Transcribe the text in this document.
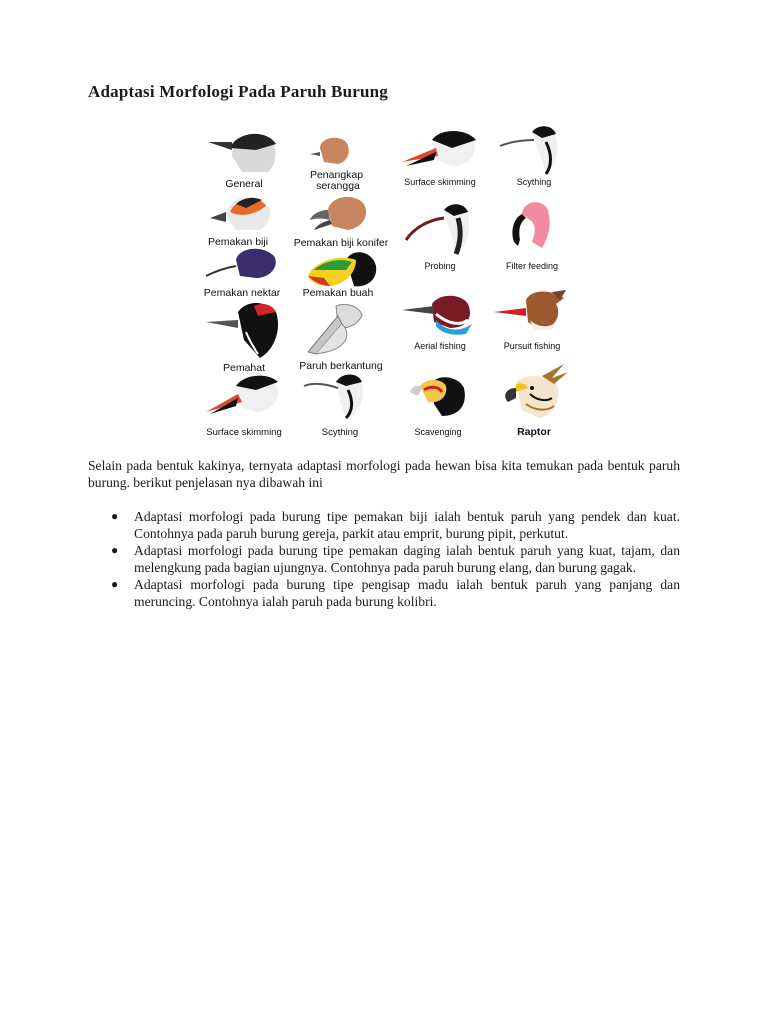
Adaptasi Morfologi Pada Paruh Burung
General
Pemakan biji
Pemakan nektar
Pemahat
Surface skimming
Penangkap serangga
Pemakan biji konifer
Pemakan buah
Paruh berkantung
Scything
Surface skimming
Probing
Aerial fishing
Scavenging
Scything
Filter feeding
Pursuit fishing
Raptor

Selain pada bentuk kakinya, ternyata adaptasi morfologi pada hewan bisa kita temukan pada bentuk paruh burung. berikut penjelasan nya dibawah ini

● Adaptasi morfologi pada burung tipe pemakan biji ialah bentuk paruh yang pendek dan kuat. Contohnya pada paruh burung gereja, parkit atau emprit, burung pipit, perkutut.
● Adaptasi morfologi pada burung tipe pemakan daging ialah bentuk paruh yang kuat, tajam, dan melengkung pada bagian ujungnya. Contohnya pada paruh burung elang, dan burung gagak.
● Adaptasi morfologi pada burung tipe pengisap madu ialah bentuk paruh yang panjang dan meruncing. Contohnya ialah paruh pada burung kolibri.
